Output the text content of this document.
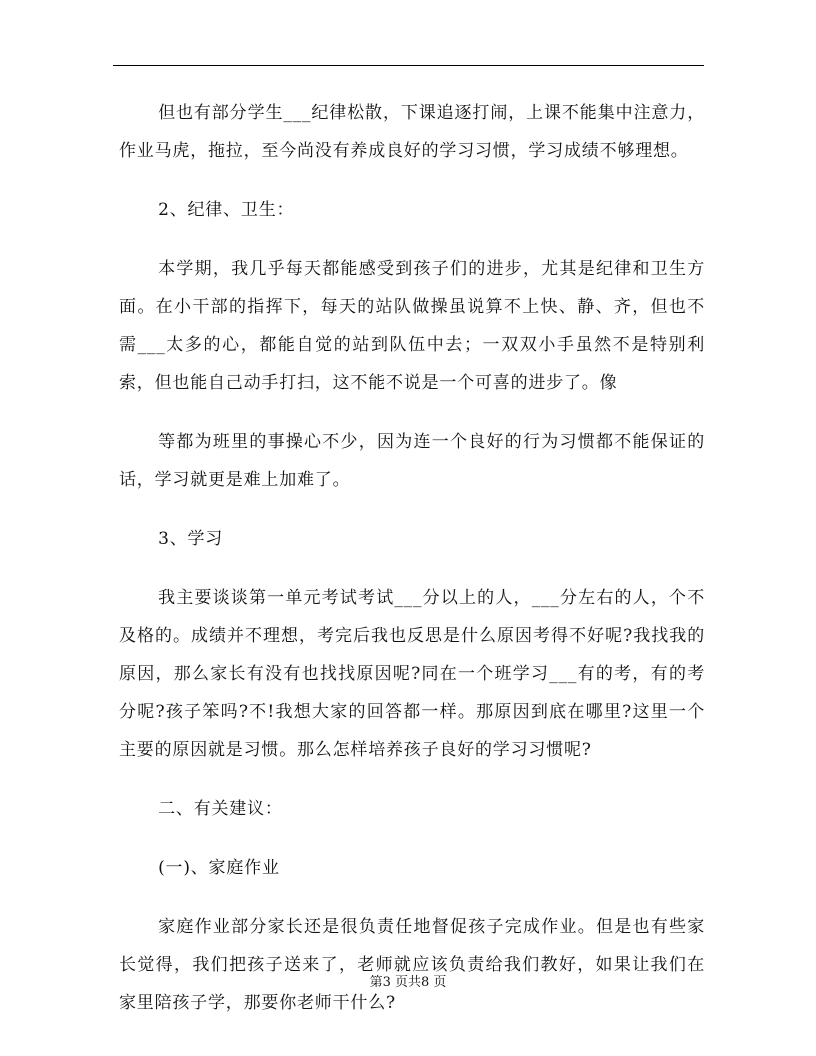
但也有部分学生___纪律松散，下课追逐打闹，上课不能集中注意力，作业马虎，拖拉，至今尚没有养成良好的学习习惯，学习成绩不够理想。

2、纪律、卫生：

本学期，我几乎每天都能感受到孩子们的进步，尤其是纪律和卫生方面。在小干部的指挥下，每天的站队做操虽说算不上快、静、齐，但也不需___太多的心，都能自觉的站到队伍中去；一双双小手虽然不是特别利索，但也能自己动手打扫，这不能不说是一个可喜的进步了。像

等都为班里的事操心不少，因为连一个良好的行为习惯都不能保证的话，学习就更是难上加难了。

3、学习

我主要谈谈第一单元考试考试___分以上的人，___分左右的人，个不及格的。成绩并不理想，考完后我也反思是什么原因考得不好呢?我找我的原因，那么家长有没有也找找原因呢?同在一个班学习___有的考，有的考分呢?孩子笨吗?不!我想大家的回答都一样。那原因到底在哪里?这里一个主要的原因就是习惯。那么怎样培养孩子良好的学习习惯呢?

二、有关建议：

(一)、家庭作业

家庭作业部分家长还是很负责任地督促孩子完成作业。但是也有些家长觉得，我们把孩子送来了，老师就应该负责给我们教好，如果让我们在家里陪孩子学，那要你老师干什么?

第3 页共8 页
